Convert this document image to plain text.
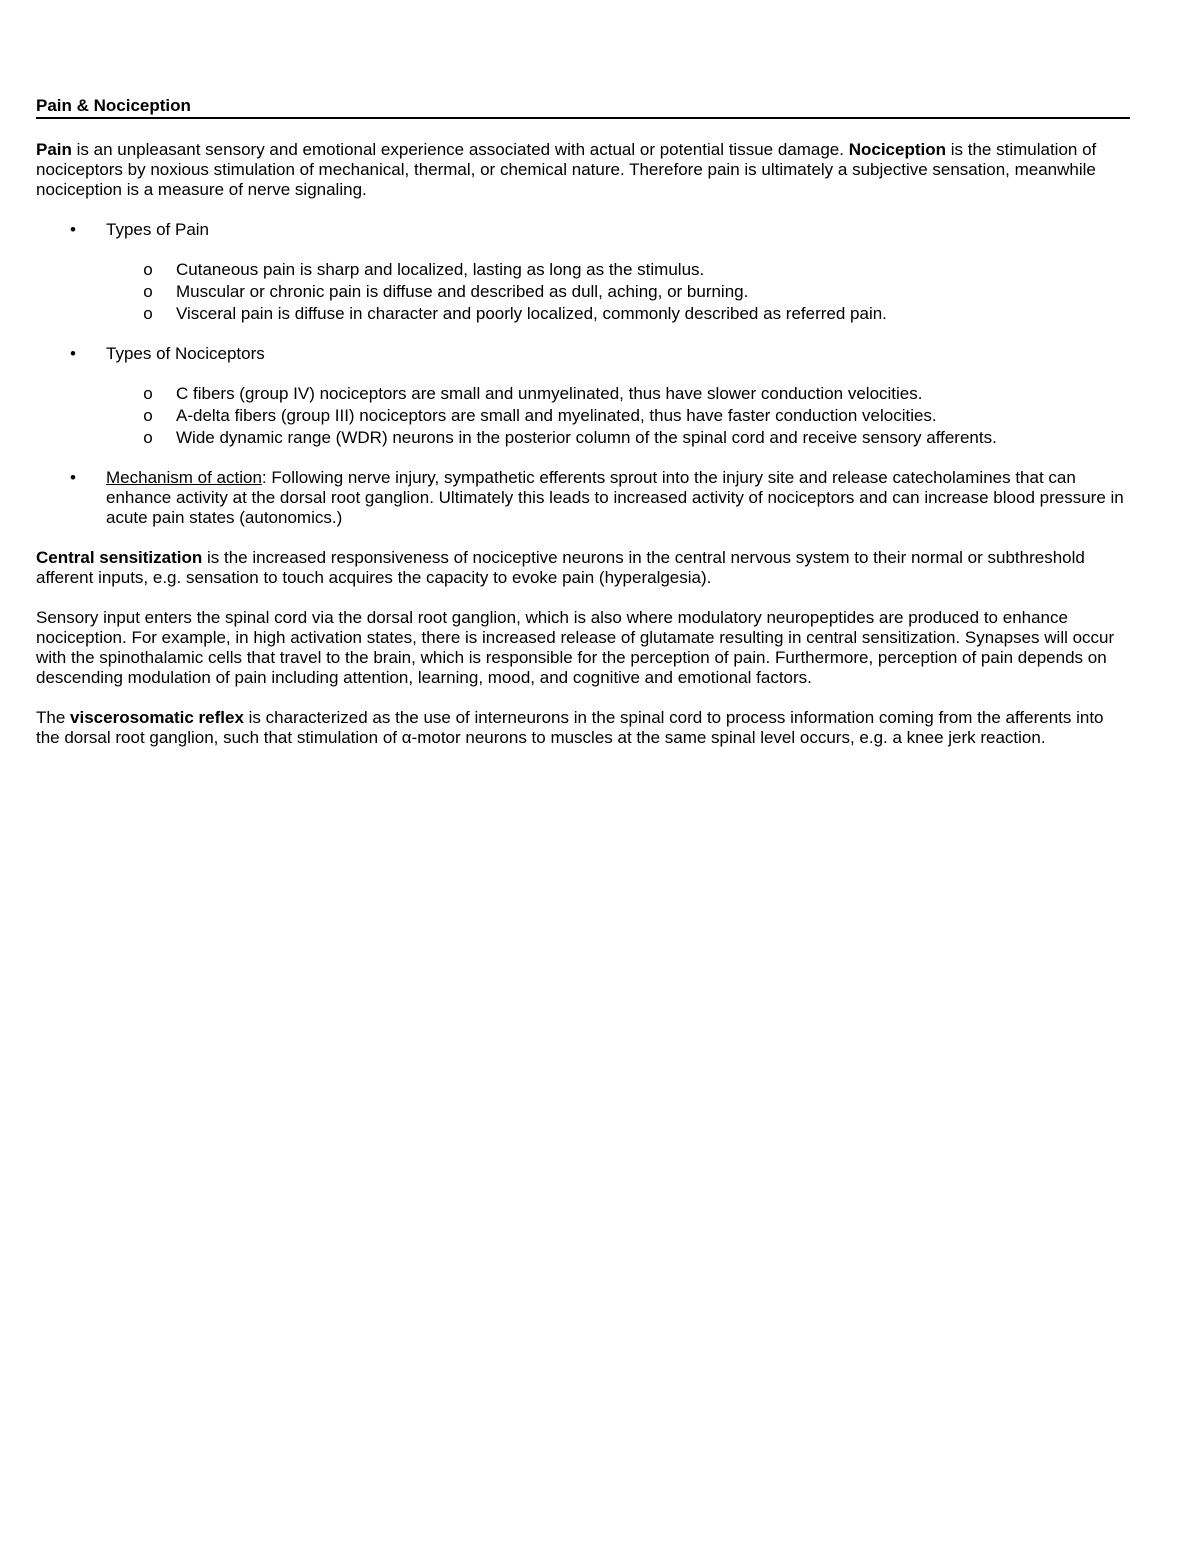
Pain & Nociception

Pain is an unpleasant sensory and emotional experience associated with actual or potential tissue damage. Nociception is the stimulation of nociceptors by noxious stimulation of mechanical, thermal, or chemical nature. Therefore pain is ultimately a subjective sensation, meanwhile nociception is a measure of nerve signaling.

• Types of Pain
o Cutaneous pain is sharp and localized, lasting as long as the stimulus.
o Muscular or chronic pain is diffuse and described as dull, aching, or burning.
o Visceral pain is diffuse in character and poorly localized, commonly described as referred pain.
• Types of Nociceptors
o C fibers (group IV) nociceptors are small and unmyelinated, thus have slower conduction velocities.
o A-delta fibers (group III) nociceptors are small and myelinated, thus have faster conduction velocities.
o Wide dynamic range (WDR) neurons in the posterior column of the spinal cord and receive sensory afferents.
• Mechanism of action: Following nerve injury, sympathetic efferents sprout into the injury site and release catecholamines that can enhance activity at the dorsal root ganglion. Ultimately this leads to increased activity of nociceptors and can increase blood pressure in acute pain states (autonomics.)

Central sensitization is the increased responsiveness of nociceptive neurons in the central nervous system to their normal or subthreshold afferent inputs, e.g. sensation to touch acquires the capacity to evoke pain (hyperalgesia).

Sensory input enters the spinal cord via the dorsal root ganglion, which is also where modulatory neuropeptides are produced to enhance nociception. For example, in high activation states, there is increased release of glutamate resulting in central sensitization. Synapses will occur with the spinothalamic cells that travel to the brain, which is responsible for the perception of pain. Furthermore, perception of pain depends on descending modulation of pain including attention, learning, mood, and cognitive and emotional factors.

The viscerosomatic reflex is characterized as the use of interneurons in the spinal cord to process information coming from the afferents into the dorsal root ganglion, such that stimulation of α-motor neurons to muscles at the same spinal level occurs, e.g. a knee jerk reaction.
